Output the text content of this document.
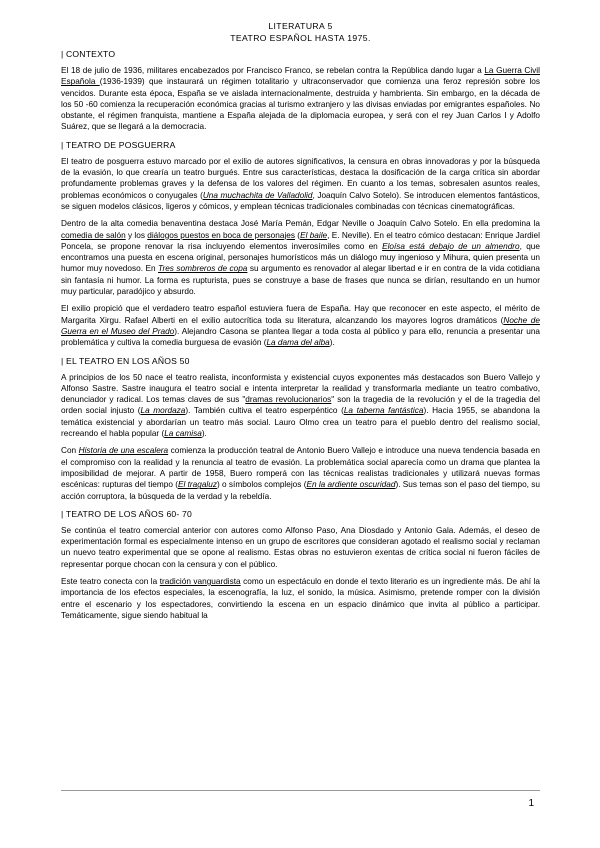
LITERATURA 5
TEATRO ESPAÑOL HASTA 1975.
| CONTEXTO

El 18 de julio de 1936, militares encabezados por Francisco Franco, se rebelan contra la República dando lugar a La Guerra Civil Española (1936-1939) que instaurará un régimen totalitario y ultraconservador que comienza una feroz represión sobre los vencidos. Durante esta época, España se ve aislada internacionalmente, destruida y hambrienta. Sin embargo, en la década de los 50 -60 comienza la recuperación económica gracias al turismo extranjero y las divisas enviadas por emigrantes españoles. No obstante, el régimen franquista, mantiene a España alejada de la diplomacia europea, y será con el rey Juan Carlos I y Adolfo Suárez, que se llegará a la democracia.

| TEATRO DE POSGUERRA

El teatro de posguerra estuvo marcado por el exilio de autores significativos, la censura en obras innovadoras y por la búsqueda de la evasión, lo que crearía un teatro burgués. Entre sus características, destaca la dosificación de la carga crítica sin abordar profundamente problemas graves y la defensa de los valores del régimen. En cuanto a los temas, sobresalen asuntos reales, problemas económicos o conyugales (Una muchachita de Valladolid, Joaquín Calvo Sotelo). Se introducen elementos fantásticos, se siguen modelos clásicos, ligeros y cómicos, y emplean técnicas tradicionales combinadas con técnicas cinematográficas.

Dentro de la alta comedia benaventina destaca José María Pemán, Edgar Neville o Joaquín Calvo Sotelo. En ella predomina la comedia de salón y los diálogos puestos en boca de personajes (El baile, E. Neville). En el teatro cómico destacan: Enrique Jardiel Poncela, se propone renovar la risa incluyendo elementos inverosímiles como en Eloísa está debajo de un almendro, que encontramos una puesta en escena original, personajes humorísticos más un diálogo muy ingenioso y Mihura, quien presenta un humor muy novedoso. En Tres sombreros de copa su argumento es renovador al alegar libertad e ir en contra de la vida cotidiana sin fantasía ni humor. La forma es rupturista, pues se construye a base de frases que nunca se dirían, resultando en un humor muy particular, paradójico y absurdo.

El exilio propició que el verdadero teatro español estuviera fuera de España. Hay que reconocer en este aspecto, el mérito de Margarita Xirgu. Rafael Alberti en el exilio autocrítica toda su literatura, alcanzando los mayores logros dramáticos (Noche de Guerra en el Museo del Prado). Alejandro Casona se plantea llegar a toda costa al público y para ello, renuncia a presentar una problemática y cultiva la comedia burguesa de evasión (La dama del alba).

| EL TEATRO EN LOS AÑOS 50

A principios de los 50 nace el teatro realista, inconformista y existencial cuyos exponentes más destacados son Buero Vallejo y Alfonso Sastre. Sastre inaugura el teatro social e intenta interpretar la realidad y transformarla mediante un teatro combativo, denunciador y radical. Los temas claves de sus "dramas revolucionarios" son la tragedia de la revolución y el de la tragedia del orden social injusto (La mordaza). También cultiva el teatro esperpéntico (La taberna fantástica). Hacia 1955, se abandona la temática existencial y abordarían un teatro más social. Lauro Olmo crea un teatro para el pueblo dentro del realismo social, recreando el habla popular (La camisa).

Con Historia de una escalera comienza la producción teatral de Antonio Buero Vallejo e introduce una nueva tendencia basada en el compromiso con la realidad y la renuncia al teatro de evasión. La problemática social aparecía como un drama que plantea la imposibilidad de mejorar. A partir de 1958, Buero romperá con las técnicas realistas tradicionales y utilizará nuevas formas escénicas: rupturas del tiempo (El tragaluz) o símbolos complejos (En la ardiente oscuridad). Sus temas son el paso del tiempo, su acción corruptora, la búsqueda de la verdad y la rebeldía.

| TEATRO DE LOS AÑOS 60- 70

Se continúa el teatro comercial anterior con autores como Alfonso Paso, Ana Diosdado y Antonio Gala. Además, el deseo de experimentación formal es especialmente intenso en un grupo de escritores que consideran agotado el realismo social y reclaman un nuevo teatro experimental que se opone al realismo. Estas obras no estuvieron exentas de crítica social ni fueron fáciles de representar porque chocan con la censura y con el público.

Este teatro conecta con la tradición vanguardista como un espectáculo en donde el texto literario es un ingrediente más. De ahí la importancia de los efectos especiales, la escenografía, la luz, el sonido, la música. Asimismo, pretende romper con la división entre el escenario y los espectadores, convirtiendo la escena en un espacio dinámico que invita al público a participar. Temáticamente, sigue siendo habitual la

1
